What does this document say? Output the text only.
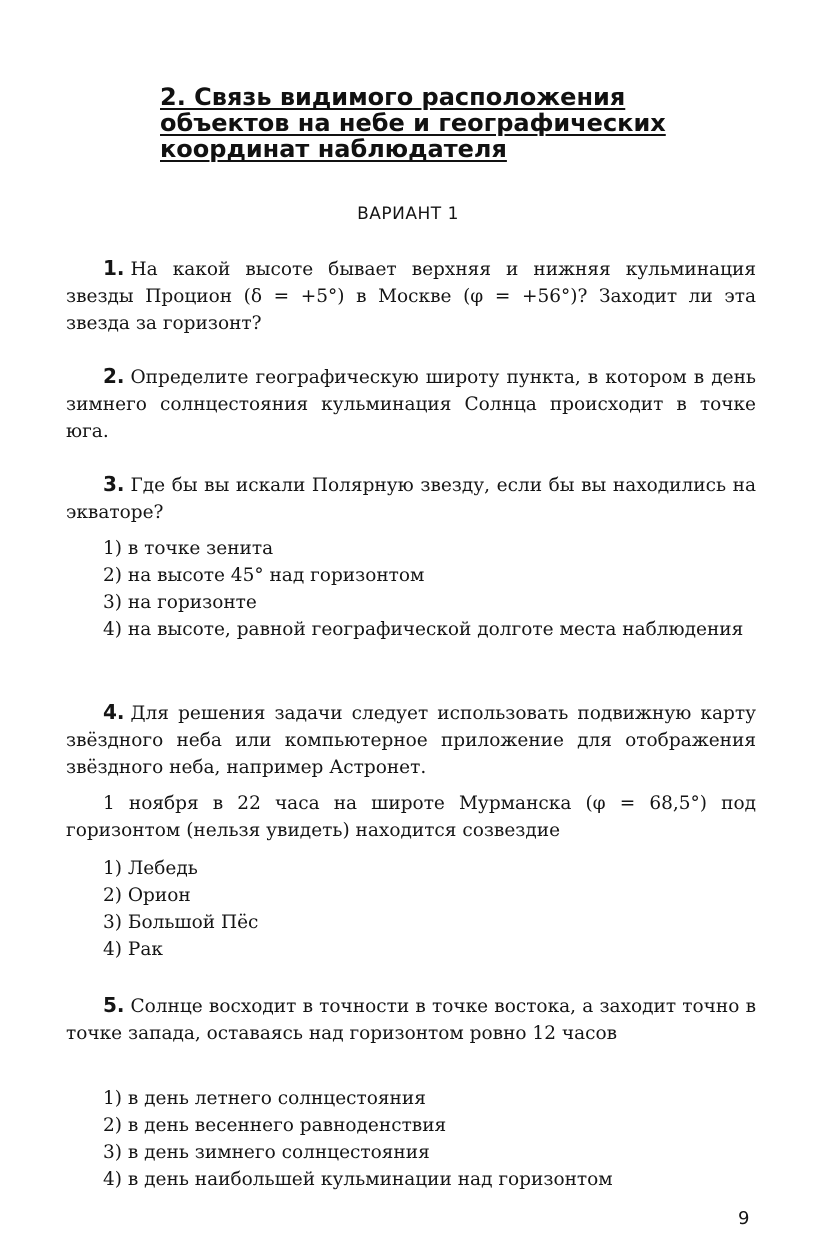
2. Связь видимого расположения
объектов на небе и географических
координат наблюдателя
ВАРИАНТ 1

1. На какой высоте бывает верхняя и нижняя кульминация звезды Процион (δ = +5°) в Москве (φ = +56°)? Заходит ли эта звезда за горизонт?

2. Определите географическую широту пункта, в котором в день зимнего солнцестояния кульминация Солнца происходит в точке юга.

3. Где бы вы искали Полярную звезду, если бы вы находились на экваторе?

1) в точке зенита
2) на высоте 45° над горизонтом
3) на горизонте
4) на высоте, равной географической долготе места наблюдения

4. Для решения задачи следует использовать подвижную карту звёздного неба или компьютерное приложение для отображения звёздного неба, например Астронет.

1 ноября в 22 часа на широте Мурманска (φ = 68,5°) под горизонтом (нельзя увидеть) находится созвездие

1) Лебедь
2) Орион
3) Большой Пёс
4) Рак

5. Солнце восходит в точности в точке востока, а заходит точно в точке запада, оставаясь над горизонтом ровно 12 часов

1) в день летнего солнцестояния
2) в день весеннего равноденствия
3) в день зимнего солнцестояния
4) в день наибольшей кульминации над горизонтом
9
